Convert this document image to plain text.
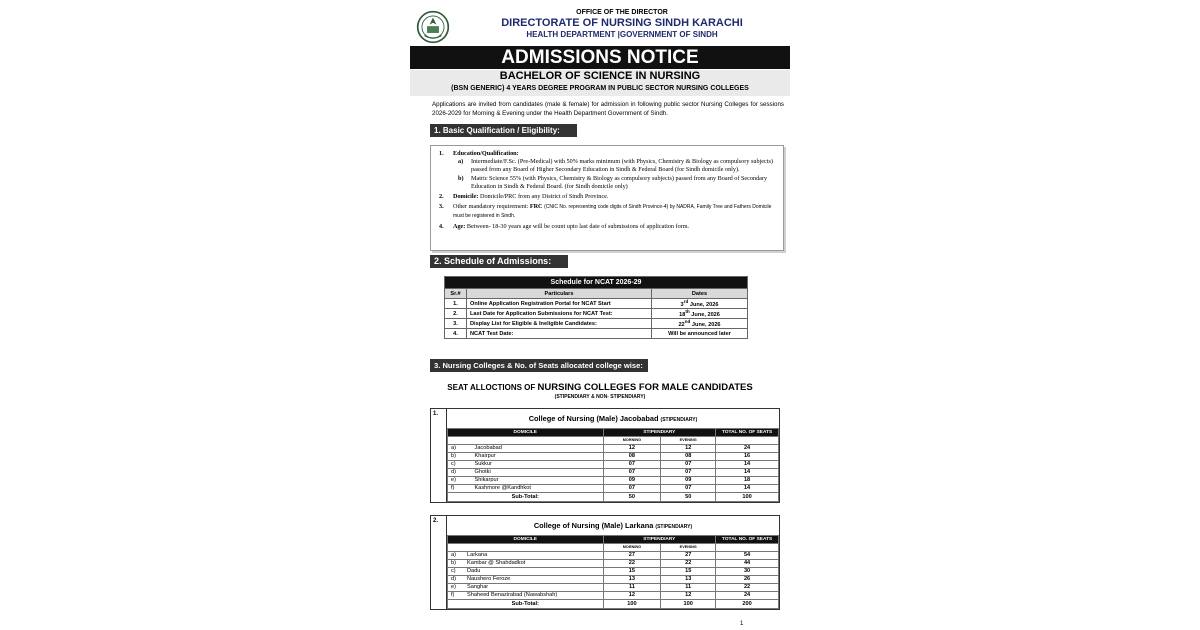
OFFICE OF THE DIRECTOR
DIRECTORATE OF NURSING SINDH KARACHI
HEALTH DEPARTMENT |GOVERNMENT OF SINDH
ADMISSIONS NOTICE
BACHELOR OF SCIENCE IN NURSING
(BSN GENERIC) 4 YEARS DEGREE PROGRAM IN PUBLIC SECTOR NURSING COLLEGES
Applications are invited from candidates (male & female) for admission in following public sector Nursing Colleges for sessions 2026-2029 for Morning & Evening under the Health Department Government of Sindh.
1. Basic Qualification / Eligibility:
1. Education/Qualification:
a) Intermediate/F.Sc. (Pre-Medical) with 50% marks minimum (with Physics, Chemistry & Biology as compulsory subjects) passed from any Board of Higher Secondary Education in Sindh & Federal Board (for Sindh domicile only).
b) Matric Science 55% (with Physics, Chemistry & Biology as compulsory subjects) passed from any Board of Secondary Education in Sindh & Federal Board. (for Sindh domicile only)
2. Domicile: Domicile/PRC from any District of Sindh Province.
3. Other mandatory requirement: FRC (CNIC No. representing code digits of Sindh Province-4) by NADRA, Family Tree and Fathers Domicile must be registered in Sindh.
4. Age: Between- 18-30 years age will be count upto last date of submissions of application form.
2. Schedule of Admissions:
Schedule for NCAT 2026-29		
Sr.#	Particulars	Dates
1.	Online Application Registration Portal for NCAT Start	3rd June, 2026
2.	Last Date for Application Submissions for NCAT Test:	18th June, 2026
3.	Display List for Eligible & Ineligible Candidates:	22nd June, 2026
4.	NCAT Test Date:	Will be announced later
3. Nursing Colleges & No. of Seats allocated college wise:
SEAT ALLOCTIONS OF NURSING COLLEGES FOR MALE CANDIDATES
(STIPENDIARY & NON- STIPENDIARY)
1.	College of Nursing (Male) Jacobabad (STIPENDIARY)
DOMICILE		STIPENDIARY		TOTAL NO. OF SEATS
		MORNING	EVENING	
a)	Jacobabad	12	12	24
b)	Khairpur	08	08	16
c)	Sukkur	07	07	14
d)	Ghotki	07	07	14
e)	Shikarpur	09	09	18
f)	Kashmore @Kandhkot	07	07	14
Sub-Total:		50	50	100
2.	College of Nursing (Male) Larkana (STIPENDIARY)
DOMICILE		STIPENDIARY		TOTAL NO. OF SEATS
		MORNING	EVENING	
a)	Larkana	27	27	54
b)	Kambar @ Shahdadkot	22	22	44
c)	Dadu	15	15	30
d)	Naushero Feroze	13	13	26
e)	Sanghar	11	11	22
f)	Shaheed Benazirabad (Nawabshah)	12	12	24
Sub-Total:		100	100	200
1
